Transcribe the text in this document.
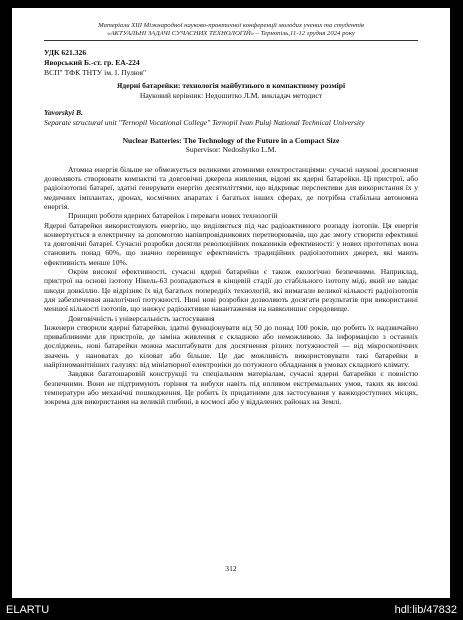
Матеріали XIII Міжнародної науково-практичної конференції молодих учених та студентів
«АКТУАЛЬНІ ЗАДАЧІ СУЧАСНИХ ТЕХНОЛОГІЙ» – Тернопіль,11-12 грудня 2024 року
УДК 621.326
Яворський Б.-ст. гр. ЕА-224
ВСП" ТФК ТНТУ ім. І. Пулюя"
Ядерні батарейки: технологія майбутнього в компактному розмірі
Науковий керівник: Недошитко Л.М. викладач методист
Yavorskyi B.
Separate structural unit "Ternopil Vocational College" Ternopil Ivan Puluj National Technical University
Nuclear Batteries: The Technology of the Future in a Compact Size
Supervisor: Nedoshytko L.M.

Атомна енергія більше не обмежується великими атомними електростанціями: сучасні наукові досягнення дозволяють створювати компактні та довговічні джерела живлення, відомі як ядерні батарейки. Ці пристрої, або радіоізотопні батареї, здатні генерувати енергію десятиліттями, що відкриває перспективи для використання їх у медичних імплантах, дронах, космічних апаратах і багатьох інших сферах, де потрібна стабільна автономна енергія.

Принцип роботи ядерних батарейок і переваги нових технологій

Ядерні батарейки використовують енергію, що виділяється під час радіоактивного розпаду ізотопів. Ця енергія конвертується в електричну за допомогою напівпровідникових перетворювачів, що дає змогу створити ефективні та довговічні батареї. Сучасні розробки досягли революційних показників ефективності: у нових прототипах вона становить понад 60%, що значно перевищує ефективність традиційних радіоізотопних джерел, які мають ефективність менше 10%.

Окрім високої ефективності, сучасні ядерні батарейки є також екологічно безпечними. Наприклад, пристрої на основі ізотопу Нікель-63 розпадаються в кінцевій стадії до стабільного ізотопу міді, який не завдає шкоди довкіллю. Це відрізняє їх від багатьох попередніх технологій, які вимагали великої кількості радіоізотопів для забезпечення аналогічної потужності. Нині нові розробки дозволяють досягати результатів при використанні меншої кількості ізотопів, що знижує радіоактивне навантаження на навколишнє середовище.

Довговічність і універсальність застосування

Інженери створили ядерні батарейки, здатні функціонувати від 50 до понад 100 років, що робить їх надзвичайно привабливими для пристроїв, де заміна живлення є складною або неможливою. За інформацією з останніх досліджень, нові батарейки можна масштабувати для досягнення різних потужностей — від мікроскопічних значень у нановатах до кіловат або більше. Це дає можливість використовувати такі батарейки в найрізноманітніших галузях: від мініатюрної електроніки до потужного обладнання в умовах складного клімату.

Завдяки багатошаровій конструкції та спеціальним матеріалам, сучасні ядерні батарейки є повністю безпечними. Вони не підтримують горіння та вибухи навіть під впливом екстремальних умов, таких як високі температури або механічні пошкодження. Це робить їх придатними для застосування у важкодоступних місцях, зокрема для використання на великій глибині, в космосі або у віддалених районах на Землі.

312
ELARTU	hdl:lib/47832
